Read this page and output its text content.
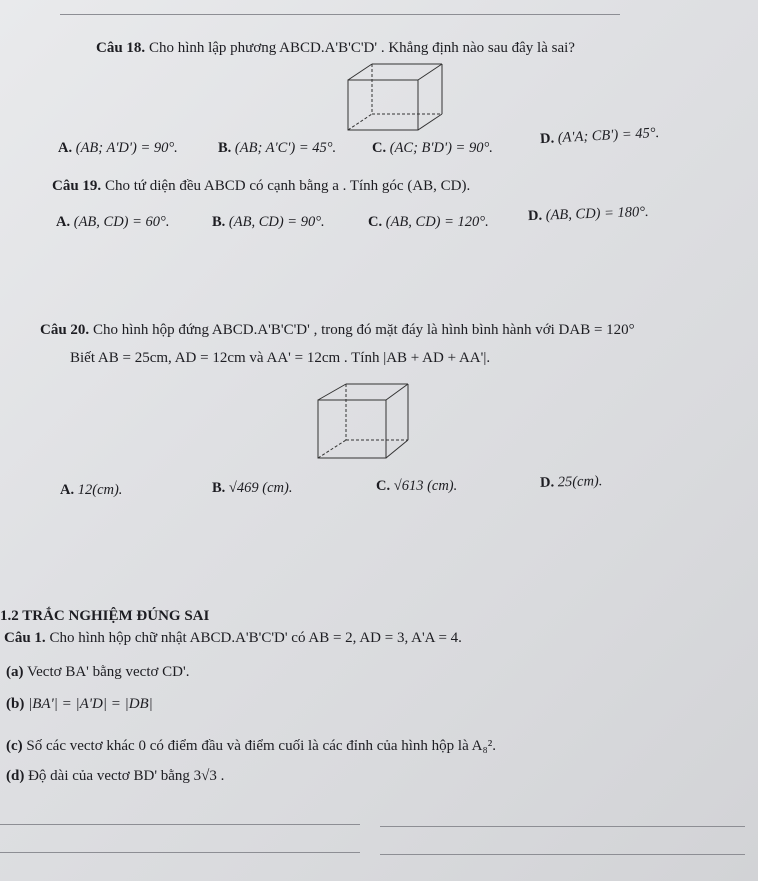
Câu 18. Cho hình lập phương ABCD.A'B'C'D' . Khẳng định nào sau đây là sai?
A. (AB; A'D') = 90°.	B. (AB; A'C') = 45°. C. (AC; B'D') = 90°.
D. (A'A; CB') = 45°.
Câu 19. Cho tứ diện đều ABCD có cạnh bằng a . Tính góc (AB, CD).
A. (AB, CD) = 60°.	B. (AB, CD) = 90°.	C. (AB, CD) = 120°.	D. (AB, CD) = 180°.
Câu 20. Cho hình hộp đứng ABCD.A'B'C'D' , trong đó mặt đáy là hình bình hành với DAB = 120°
Biết AB = 25cm, AD = 12cm và AA' = 12cm . Tính |AB + AD + AA'|.
A. 12(cm).	B. √469 (cm).	C. √613 (cm).	D. 25(cm).
1.2 TRẮC NGHIỆM ĐÚNG SAI
Câu 1. Cho hình hộp chữ nhật ABCD.A'B'C'D' có AB = 2, AD = 3, A'A = 4.
(a) Vectơ BA' bằng vectơ CD'.
(b) |BA'| = |A'D| = |DB|
(c) Số các vectơ khác 0 có điểm đầu và điểm cuối là các đỉnh của hình hộp là A₈².
(d) Độ dài của vectơ BD' bằng 3√3 .
